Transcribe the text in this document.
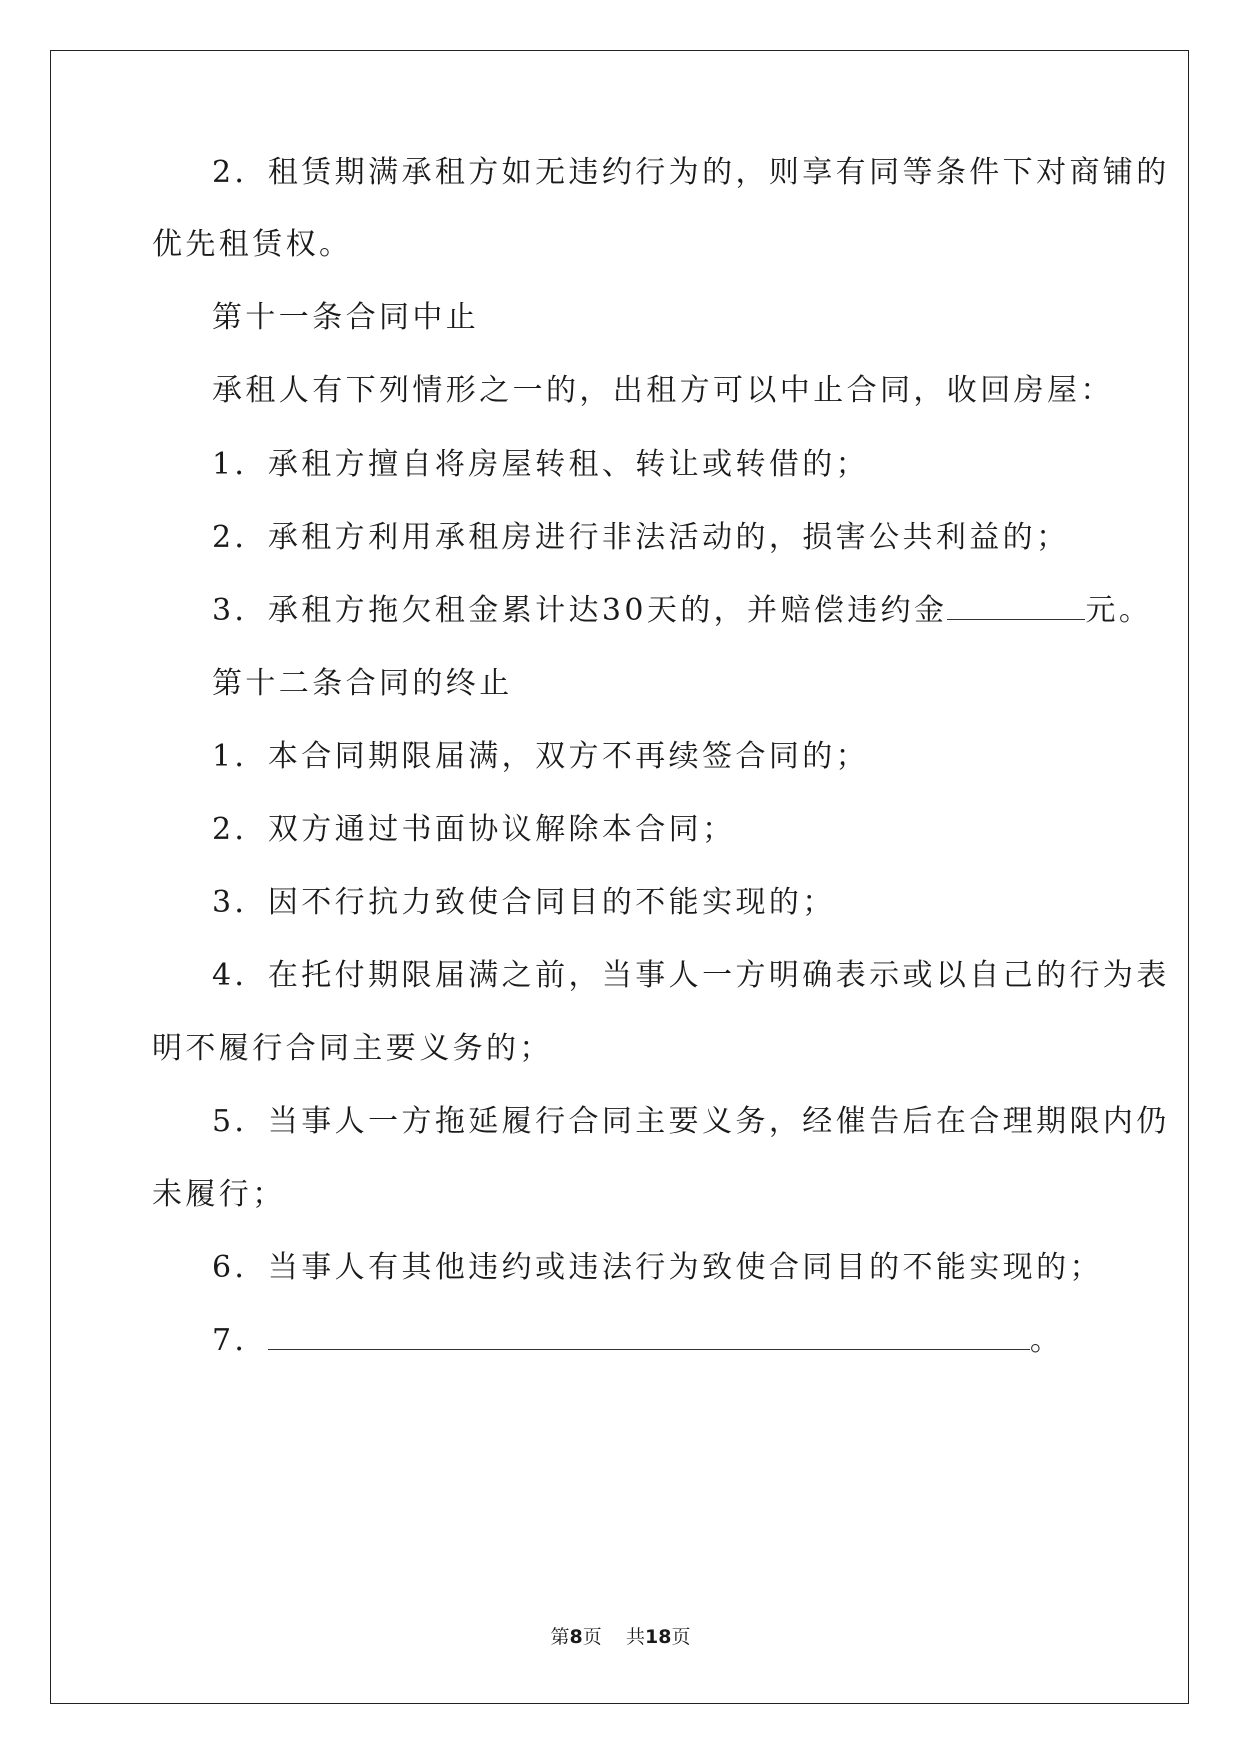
2．租赁期满承租方如无违约行为的，则享有同等条件下对商铺的
优先租赁权。
第十一条合同中止
承租人有下列情形之一的，出租方可以中止合同，收回房屋：
1．承租方擅自将房屋转租、转让或转借的；
2．承租方利用承租房进行非法活动的，损害公共利益的；
3．承租方拖欠租金累计达30天的，并赔偿违约金	元。
第十二条合同的终止
1．本合同期限届满，双方不再续签合同的；
2．双方通过书面协议解除本合同；
3．因不行抗力致使合同目的不能实现的；
4．在托付期限届满之前，当事人一方明确表示或以自己的行为表
明不履行合同主要义务的；
5．当事人一方拖延履行合同主要义务，经催告后在合理期限内仍
未履行；
6．当事人有其他违约或违法行为致使合同目的不能实现的；
7．	。
第8页 共18页
